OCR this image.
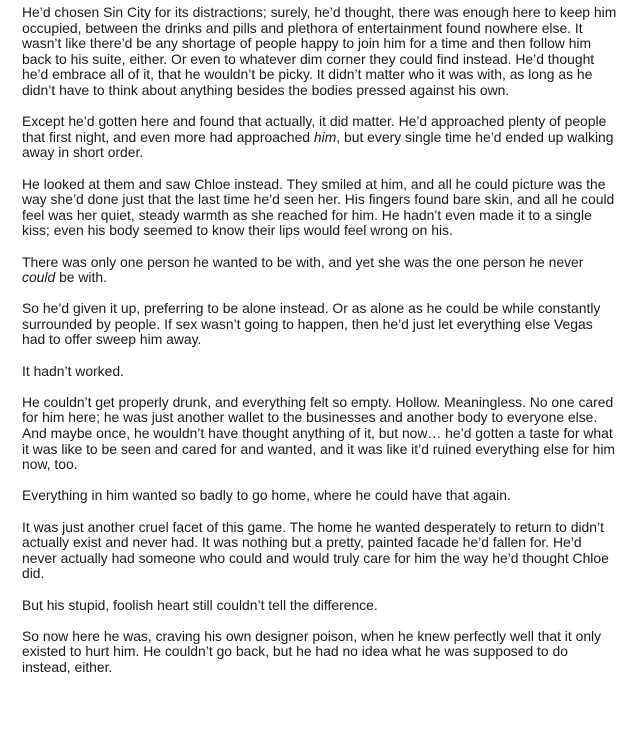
He’d chosen Sin City for its distractions; surely, he’d thought, there was enough here to keep him occupied, between the drinks and pills and plethora of entertainment found nowhere else. It wasn’t like there’d be any shortage of people happy to join him for a time and then follow him back to his suite, either. Or even to whatever dim corner they could find instead. He’d thought he’d embrace all of it, that he wouldn’t be picky. It didn’t matter who it was with, as long as he didn’t have to think about anything besides the bodies pressed against his own.

Except he’d gotten here and found that actually, it did matter. He’d approached plenty of people that first night, and even more had approached him, but every single time he’d ended up walking away in short order.

He looked at them and saw Chloe instead. They smiled at him, and all he could picture was the way she’d done just that the last time he’d seen her. His fingers found bare skin, and all he could feel was her quiet, steady warmth as she reached for him. He hadn’t even made it to a single kiss; even his body seemed to know their lips would feel wrong on his.

There was only one person he wanted to be with, and yet she was the one person he never could be with.

So he’d given it up, preferring to be alone instead. Or as alone as he could be while constantly surrounded by people. If sex wasn’t going to happen, then he’d just let everything else Vegas had to offer sweep him away.

It hadn’t worked.

He couldn’t get properly drunk, and everything felt so empty. Hollow. Meaningless. No one cared for him here; he was just another wallet to the businesses and another body to everyone else. And maybe once, he wouldn’t have thought anything of it, but now… he’d gotten a taste for what it was like to be seen and cared for and wanted, and it was like it’d ruined everything else for him now, too.

Everything in him wanted so badly to go home, where he could have that again.

It was just another cruel facet of this game. The home he wanted desperately to return to didn’t actually exist and never had. It was nothing but a pretty, painted facade he’d fallen for. He’d never actually had someone who could and would truly care for him the way he’d thought Chloe did.

But his stupid, foolish heart still couldn’t tell the difference.

So now here he was, craving his own designer poison, when he knew perfectly well that it only existed to hurt him. He couldn’t go back, but he had no idea what he was supposed to do instead, either.
